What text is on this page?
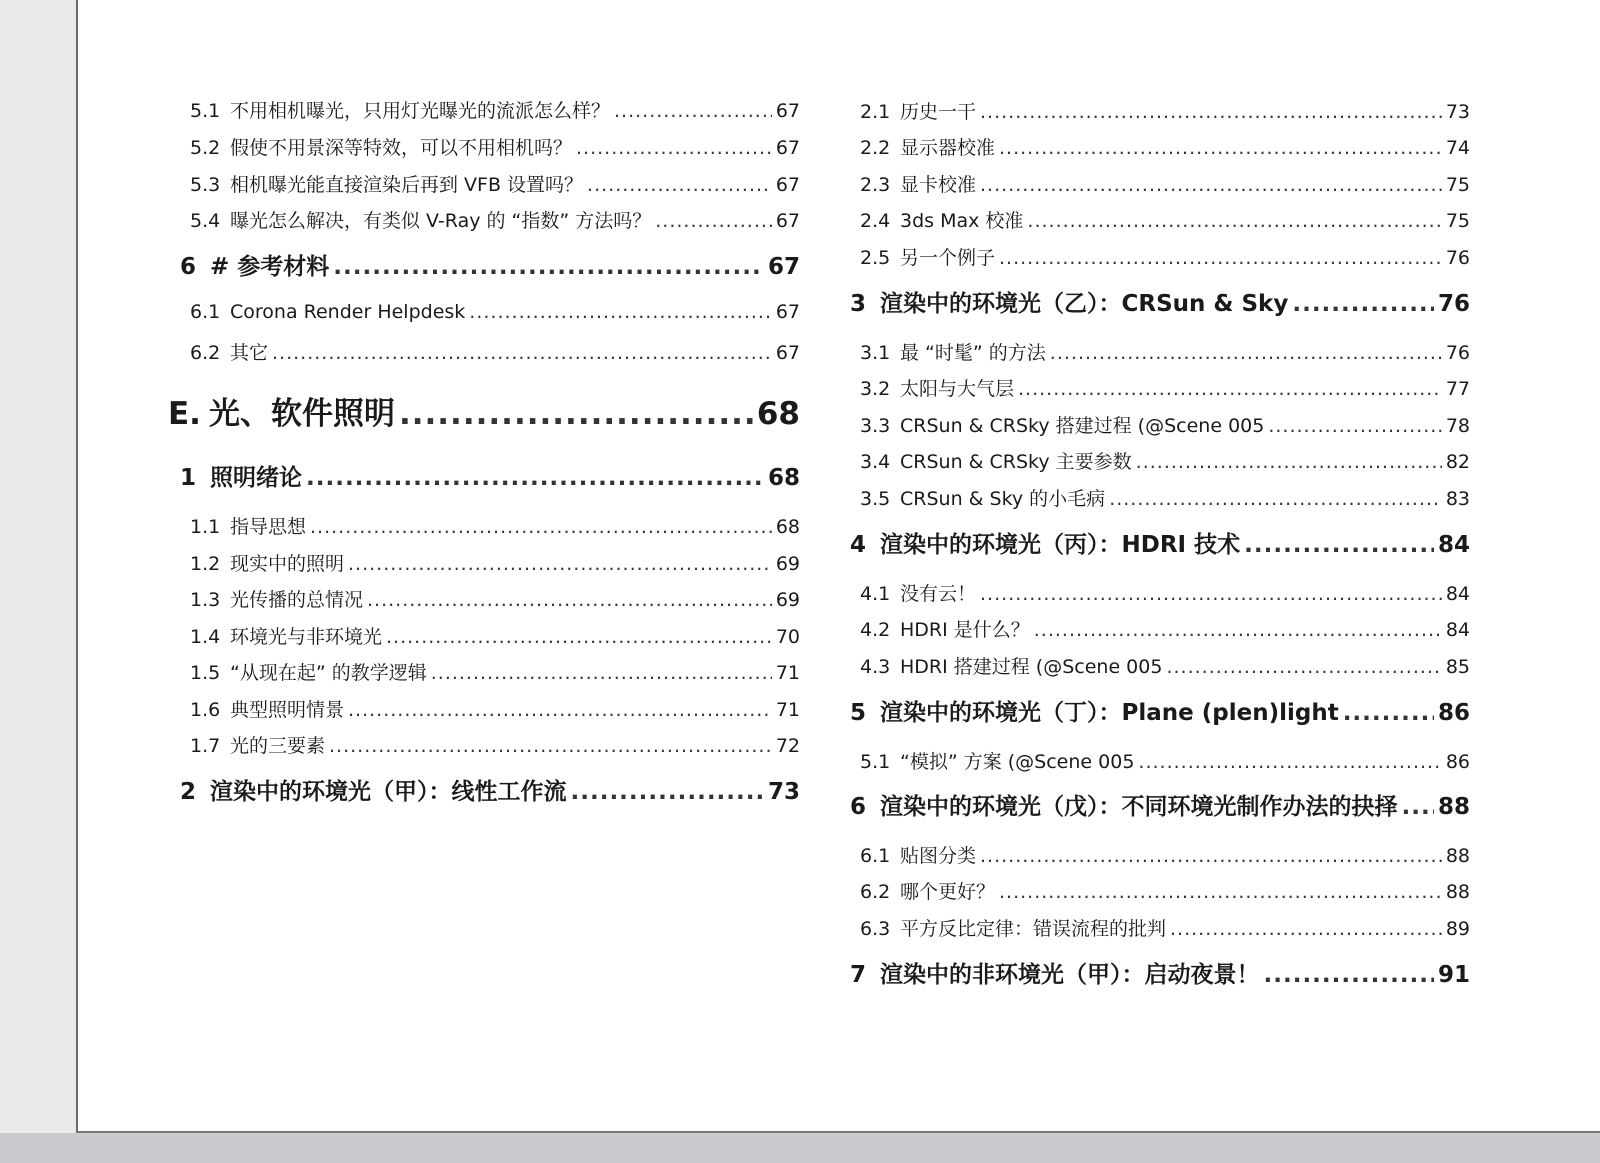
5.1 不用相机曝光，只用灯光曝光的流派怎么样？ .....	67
5.2 假使不用景深等特效，可以不用相机吗？ .....	67
5.3 相机曝光能直接渲染后再到 VFB 设置吗？ .....	67
5.4 曝光怎么解决，有类似 V-Ray 的 “指数” 方法吗？ .....	67
6 # 参考材料 .....	67
6.1 Corona Render Helpdesk .....	67
6.2 其它 .....	67
E. 光、软件照明 .....	68
1 照明绪论 .....	68
1.1 指导思想 .....	68
1.2 现实中的照明 .....	69
1.3 光传播的总情况 .....	69
1.4 环境光与非环境光 .....	70
1.5 “从现在起” 的教学逻辑 .....	71
1.6 典型照明情景 .....	71
1.7 光的三要素 .....	72
2 渲染中的环境光（甲）：线性工作流 .....	73
2.1 历史一干 .....	73
2.2 显示器校准 .....	74
2.3 显卡校准 .....	75
2.4 3ds Max 校准 .....	75
2.5 另一个例子 .....	76
3 渲染中的环境光（乙）：CRSun & Sky .....	76
3.1 最 “时髦” 的方法 .....	76
3.2 太阳与大气层 .....	77
3.3 CRSun & CRSky 搭建过程 (@Scene 005 .....	78
3.4 CRSun & CRSky 主要参数 .....	82
3.5 CRSun & Sky 的小毛病 .....	83
4 渲染中的环境光（丙）：HDRI 技术 .....	84
4.1 没有云！ .....	84
4.2 HDRI 是什么？ .....	84
4.3 HDRI 搭建过程 (@Scene 005 .....	85
5 渲染中的环境光（丁）：Plane (plen)light .....	86
5.1 “模拟” 方案 (@Scene 005 .....	86
6 渲染中的环境光（戊）：不同环境光制作办法的抉择 ..... 88
6.1 贴图分类 .....	88
6.2 哪个更好？ .....	88
6.3 平方反比定律：错误流程的批判 .....	89
7 渲染中的非环境光（甲）：启动夜景！ .....	91
